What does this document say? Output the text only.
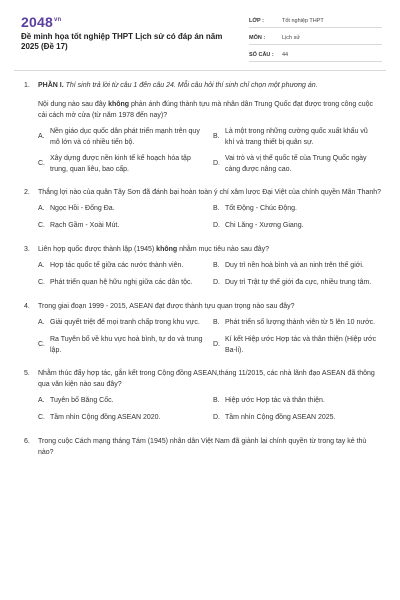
$2048^{vn}$
Đề minh họa tốt nghiệp THPT Lịch sử có đáp án năm 2025 (Đề 17)
LỚP :	Tốt nghiệp THPT
MÔN :	Lịch sử
SỐ CÂU :	44
1.	PHẦN I. Thí sinh trả lời từ câu 1 đến câu 24. Mỗi câu hỏi thí sinh chỉ chọn một phương án.
Nội dung nào sau đây không phản ánh đúng thành tựu mà nhân dân Trung Quốc đạt được trong công cuộc cải cách mở cửa (từ năm 1978 đến nay)?
A.
Nền giáo dục quốc dân phát triển mạnh trên quy mô lớn và có nhiều tiến bộ.
B.
Là một trong những cường quốc xuất khẩu vũ khí và trang thiết bị quân sự.
C.
Xây dựng được nền kinh tế kế hoạch hóa tập trung, quan liêu, bao cấp.
D.
Vai trò và vị thế quốc tế của Trung Quốc ngày càng được nâng cao.
2.	Thắng lợi nào của quân Tây Sơn đã đánh bại hoàn toàn ý chí xâm lược Đại Việt của chính quyền Mãn Thanh?
A. Ngọc Hồi - Đống Đa.	B. Tốt Động - Chúc Động.
C. Rạch Gầm - Xoài Mút.	D. Chi Lăng - Xương Giang.
3.	Liên hợp quốc được thành lập (1945) không nhằm mục tiêu nào sau đây?
A. Hợp tác quốc tế giữa các nước thành viên.	B. Duy trì nền hoà bình và an ninh trên thế giới.
C. Phát triển quan hệ hữu nghị giữa các dân tộc.	D. Duy trì Trật tự thế giới đa cực, nhiều trung tâm.
4.	Trong giai đoạn 1999 - 2015, ASEAN đạt được thành tựu quan trọng nào sau đây?
A. Giải quyết triệt để mọi tranh chấp trong khu vực.	B. Phát triển số lượng thành viên từ 5 lên 10 nước.
C.
Ra Tuyên bố về khu vực hoà bình, tự do và trung lập.
D.
Kí kết Hiệp ước Hợp tác và thân thiện (Hiệp ước Ba-li).
5.	Nhằm thúc đẩy hợp tác, gắn kết trong Cộng đồng ASEAN,tháng 11/2015, các nhà lãnh đạo ASEAN đã thông qua văn kiện nào sau đây?
A. Tuyên bố Băng Cốc.	B. Hiệp ước Hợp tác và thân thiện.
C. Tầm nhìn Cộng đồng ASEAN 2020.	D. Tầm nhìn Cộng đồng ASEAN 2025.
6.	Trong cuộc Cách mạng tháng Tám (1945) nhân dân Việt Nam đã giành lại chính quyền từ trong tay kẻ thù nào?
